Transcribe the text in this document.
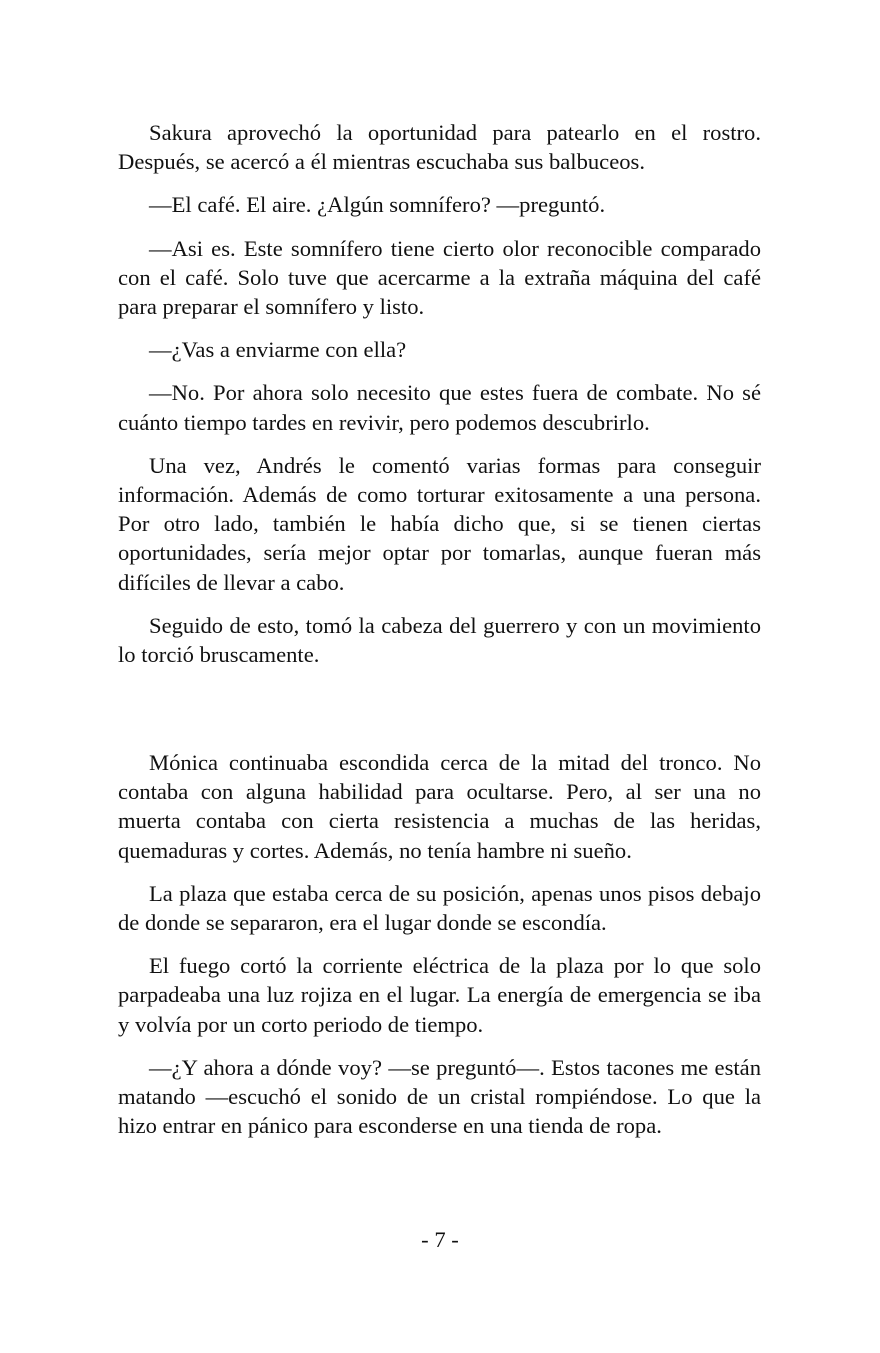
Sakura aprovechó la oportunidad para patearlo en el rostro. Después, se acercó a él mientras escuchaba sus balbuceos.

—El café. El aire. ¿Algún somnífero? —preguntó.

—Asi es. Este somnífero tiene cierto olor reconocible comparado con el café. Solo tuve que acercarme a la extraña máquina del café para preparar el somnífero y listo.

—¿Vas a enviarme con ella?

—No. Por ahora solo necesito que estes fuera de combate. No sé cuánto tiempo tardes en revivir, pero podemos descubrirlo.

Una vez, Andrés le comentó varias formas para conseguir información. Además de como torturar exitosamente a una persona. Por otro lado, también le había dicho que, si se tienen ciertas oportunidades, sería mejor optar por tomarlas, aunque fueran más difíciles de llevar a cabo.

Seguido de esto, tomó la cabeza del guerrero y con un movimiento lo torció bruscamente.

Mónica continuaba escondida cerca de la mitad del tronco. No contaba con alguna habilidad para ocultarse. Pero, al ser una no muerta contaba con cierta resistencia a muchas de las heridas, quemaduras y cortes. Además, no tenía hambre ni sueño.

La plaza que estaba cerca de su posición, apenas unos pisos debajo de donde se separaron, era el lugar donde se escondía.

El fuego cortó la corriente eléctrica de la plaza por lo que solo parpadeaba una luz rojiza en el lugar. La energía de emergencia se iba y volvía por un corto periodo de tiempo.

—¿Y ahora a dónde voy? —se preguntó—. Estos tacones me están matando —escuchó el sonido de un cristal rompiéndose. Lo que la hizo entrar en pánico para esconderse en una tienda de ropa.

- 7 -
